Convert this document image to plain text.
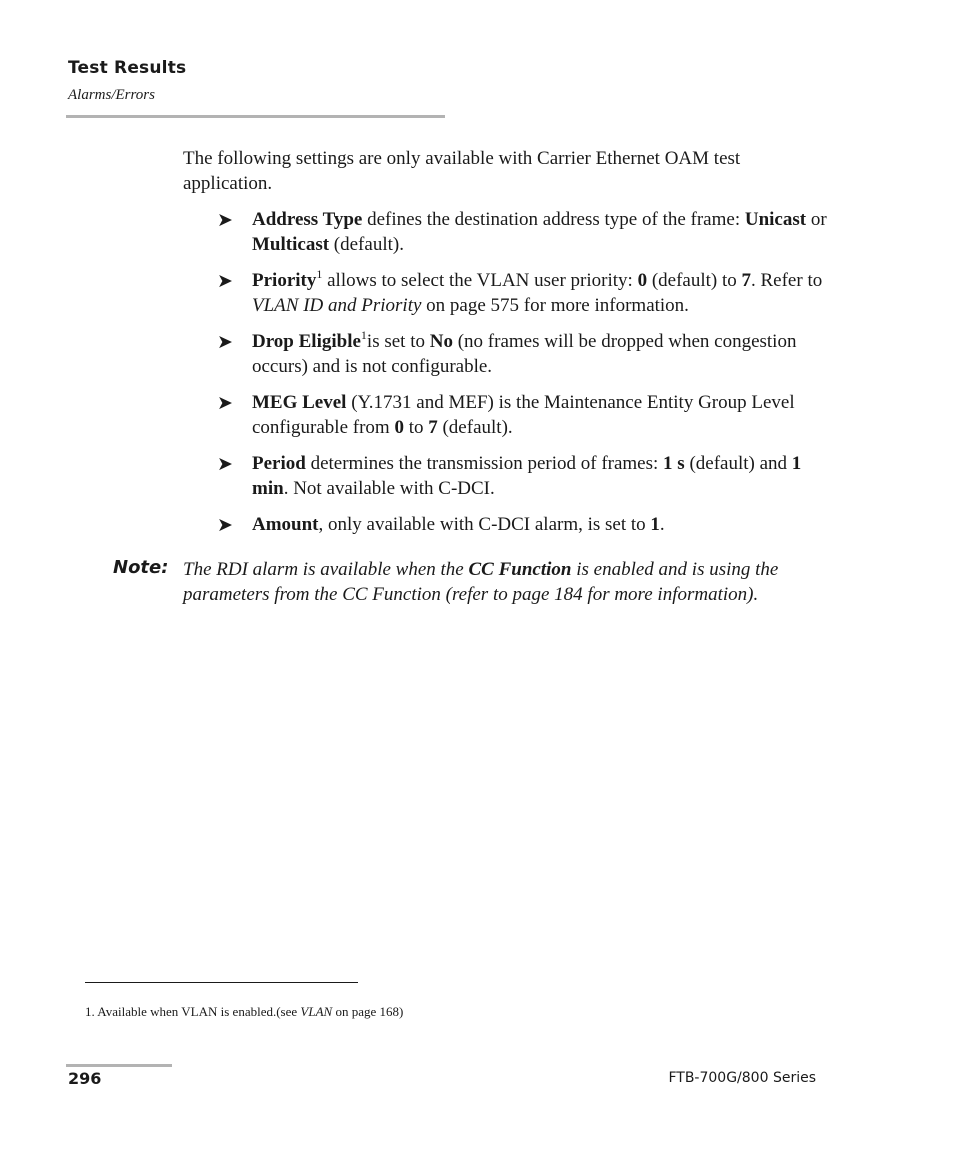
Test Results
Alarms/Errors

The following settings are only available with Carrier Ethernet OAM test application.

➤ Address Type defines the destination address type of the frame: Unicast or Multicast (default).
➤ Priority$^1$ allows to select the VLAN user priority: 0 (default) to 7. Refer to VLAN ID and Priority on page 575 for more information.
➤ Drop Eligible$^1$is set to No (no frames will be dropped when congestion occurs) and is not configurable.
➤ MEG Level (Y.1731 and MEF) is the Maintenance Entity Group Level configurable from 0 to 7 (default).
➤ Period determines the transmission period of frames: 1 s (default) and 1 min. Not available with C-DCI.
➤ Amount, only available with C-DCI alarm, is set to 1.
Note: The RDI alarm is available when the CC Function is enabled and is using the parameters from the CC Function (refer to page 184 for more information).

1. Available when VLAN is enabled.(see VLAN on page 168)
296	FTB-700G/800 Series
